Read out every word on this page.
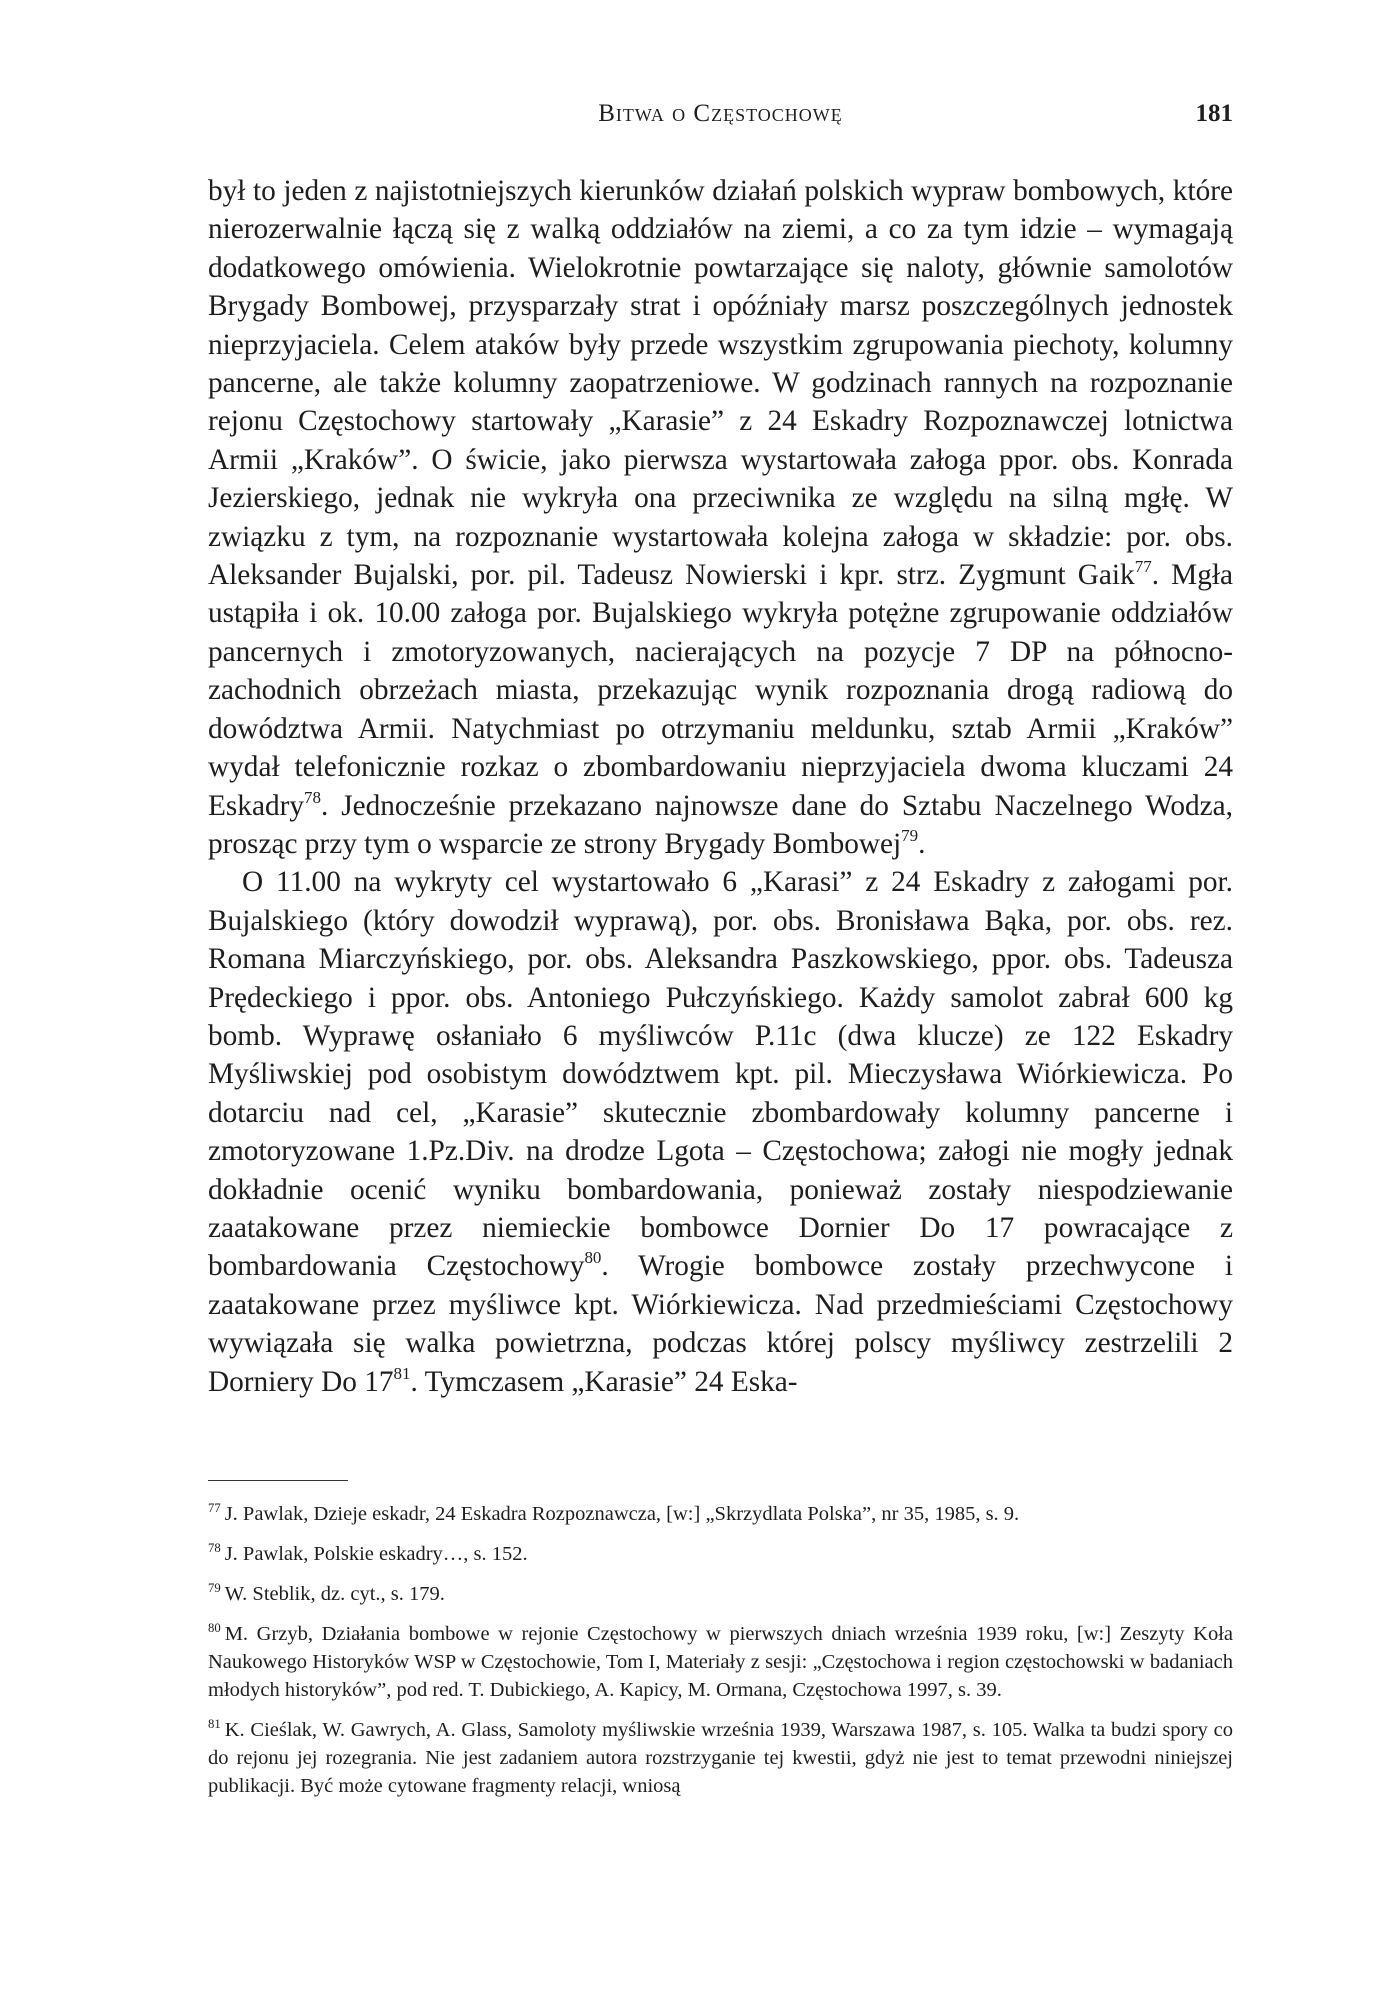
Bitwa o Częstochowę	181

był to jeden z najistotniejszych kierunków działań polskich wypraw bombowych, które nierozerwalnie łączą się z walką oddziałów na ziemi, a co za tym idzie – wymagają dodatkowego omówienia. Wielokrotnie powtarzające się naloty, głównie samolotów Brygady Bombowej, przysparzały strat i opóźniały marsz poszczególnych jednostek nieprzyjaciela. Celem ataków były przede wszystkim zgrupowania piechoty, kolumny pancerne, ale także kolumny zaopatrzeniowe. W godzinach rannych na rozpoznanie rejonu Częstochowy startowały „Karasie” z 24 Eskadry Rozpoznawczej lotnictwa Armii „Kraków”. O świcie, jako pierwsza wystartowała załoga ppor. obs. Konrada Jezierskiego, jednak nie wykryła ona przeciwnika ze względu na silną mgłę. W związku z tym, na rozpoznanie wystartowała kolejna załoga w składzie: por. obs. Aleksander Bujalski, por. pil. Tadeusz Nowierski i kpr. strz. Zygmunt Gaik$^{77}$. Mgła ustąpiła i ok. 10.00 załoga por. Bujalskiego wykryła potężne zgrupowanie oddziałów pancernych i zmotoryzowanych, nacierających na pozycje 7 DP na północno-zachodnich obrzeżach miasta, przekazując wynik rozpoznania drogą radiową do dowództwa Armii. Natychmiast po otrzymaniu meldunku, sztab Armii „Kraków” wydał telefonicznie rozkaz o zbombardowaniu nieprzyjaciela dwoma kluczami 24 Eskadry$^{78}$. Jednocześnie przekazano najnowsze dane do Sztabu Naczelnego Wodza, prosząc przy tym o wsparcie ze strony Brygady Bombowej$^{79}$.

O 11.00 na wykryty cel wystartowało 6 „Karasi” z 24 Eskadry z załogami por. Bujalskiego (który dowodził wyprawą), por. obs. Bronisława Bąka, por. obs. rez. Romana Miarczyńskiego, por. obs. Aleksandra Paszkowskiego, ppor. obs. Tadeusza Prędeckiego i ppor. obs. Antoniego Pułczyńskiego. Każdy samolot zabrał 600 kg bomb. Wyprawę osłaniało 6 myśliwców P.11c (dwa klucze) ze 122 Eskadry Myśliwskiej pod osobistym dowództwem kpt. pil. Mieczysława Wiórkiewicza. Po dotarciu nad cel, „Karasie” skutecznie zbombardowały kolumny pancerne i zmotoryzowane 1.Pz.Div. na drodze Lgota – Częstochowa; załogi nie mogły jednak dokładnie ocenić wyniku bombardowania, ponieważ zostały niespodziewanie zaatakowane przez niemieckie bombowce Dornier Do 17 powracające z bombardowania Częstochowy$^{80}$. Wrogie bombowce zostały przechwycone i zaatakowane przez myśliwce kpt. Wiórkiewicza. Nad przedmieściami Częstochowy wywiązała się walka powietrzna, podczas której polscy myśliwcy zestrzelili 2 Dorniery Do $17^{81}$. Tymczasem „Karasie” 24 Eska-

$^{77}$ J. Pawlak, Dzieje eskadr, 24 Eskadra Rozpoznawcza, [w:] „Skrzydlata Polska”, nr 35, 1985, s. 9.

$^{78}$ J. Pawlak, Polskie eskadry…, s. 152.

$^{79}$ W. Steblik, dz. cyt., s. 179.

$^{80}$ M. Grzyb, Działania bombowe w rejonie Częstochowy w pierwszych dniach września 1939 roku, [w:] Zeszyty Koła Naukowego Historyków WSP w Częstochowie, Tom I, Materiały z sesji: „Częstochowa i region częstochowski w badaniach młodych historyków”, pod red. T. Dubickiego, A. Kapicy, M. Ormana, Częstochowa 1997, s. 39.

$^{81}$ K. Cieślak, W. Gawrych, A. Glass, Samoloty myśliwskie września 1939, Warszawa 1987, s. 105. Walka ta budzi spory co do rejonu jej rozegrania. Nie jest zadaniem autora rozstrzyganie tej kwestii, gdyż nie jest to temat przewodni niniejszej publikacji. Być może cytowane fragmenty relacji, wniosą
